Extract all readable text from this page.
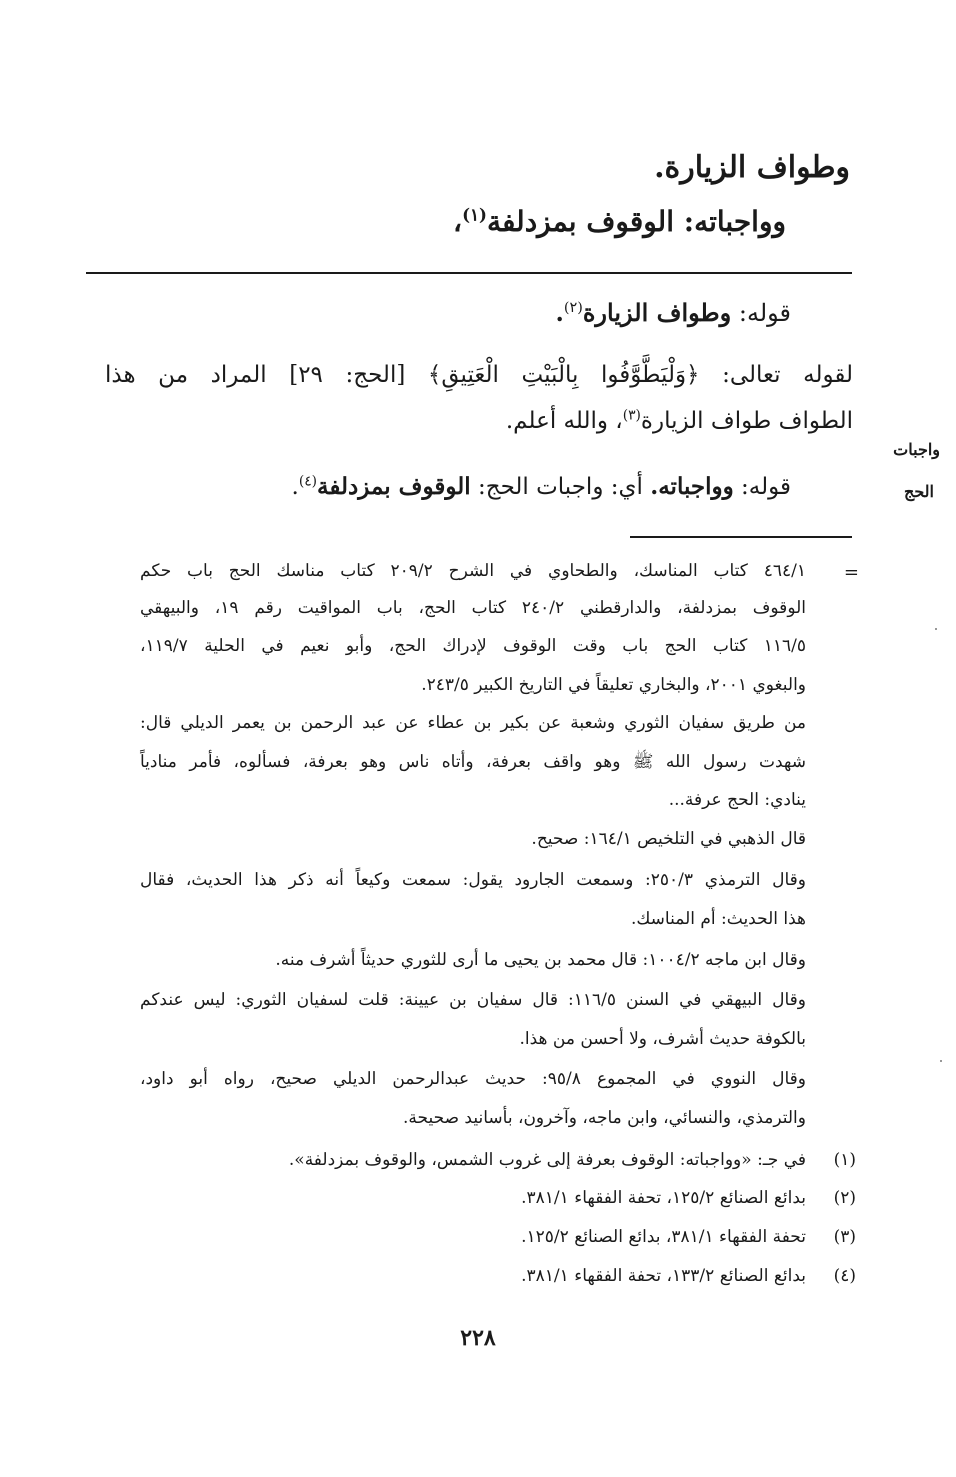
وطواف الزيارة.
وواجباته: الوقوف بمزدلفة$^{(١)}$،
قوله: وطواف الزيارة$^{(٢)}$.
لقوله تعالى: ﴿وَلْيَطَّوَّفُوا بِالْبَيْتِ الْعَتِيقِ﴾ [الحج: ٢٩] المراد من هذا
الطواف طواف الزيارة$^{(٣)}$، والله أعلم.
قوله: وواجباته. أي: واجبات الحج: الوقوف بمزدلفة$^{(٤)}$.
واجبات
الحج
=
٤٦٤/١ كتاب المناسك، والطحاوي في الشرح ٢٠٩/٢ كتاب مناسك الحج باب حكم
الوقوف بمزدلفة، والدارقطني ٢٤٠/٢ كتاب الحج، باب المواقيت رقم ١٩، والبيهقي
١١٦/٥ كتاب الحج باب وقت الوقوف لإدراك الحج، وأبو نعيم في الحلية ١١٩/٧،
والبغوي ٢٠٠١، والبخاري تعليقاً في التاريخ الكبير ٢٤٣/٥.
من طريق سفيان الثوري وشعبة عن بكير بن عطاء عن عبد الرحمن بن يعمر الديلي قال:
شهدت رسول الله ﷺ وهو واقف بعرفة، وأتاه ناس وهو بعرفة، فسألوه، فأمر منادياً
ينادي: الحج عرفة...
قال الذهبي في التلخيص ١٦٤/١: صحيح.
وقال الترمذي ٢٥٠/٣: وسمعت الجارود يقول: سمعت وكيعاً أنه ذكر هذا الحديث، فقال
هذا الحديث: أم المناسك.
وقال ابن ماجه ١٠٠٤/٢: قال محمد بن يحيى ما أرى للثوري حديثاً أشرف منه.
وقال البيهقي في السنن ١١٦/٥: قال سفيان بن عيينة: قلت لسفيان الثوري: ليس عندكم
بالكوفة حديث أشرف، ولا أحسن من هذا.
وقال النووي في المجموع ٩٥/٨: حديث عبدالرحمن الديلي صحيح، رواه أبو داود،
والترمذي، والنسائي، وابن ماجه، وآخرون، بأسانيد صحيحة.
(١)في جـ: «وواجباته: الوقوف بعرفة إلى غروب الشمس، والوقوف بمزدلفة».
(٢)بدائع الصنائع ١٢٥/٢، تحفة الفقهاء ٣٨١/١.
(٣)تحفة الفقهاء ٣٨١/١، بدائع الصنائع ١٢٥/٢.
(٤)بدائع الصنائع ١٣٣/٢، تحفة الفقهاء ٣٨١/١.
٢٢٨
